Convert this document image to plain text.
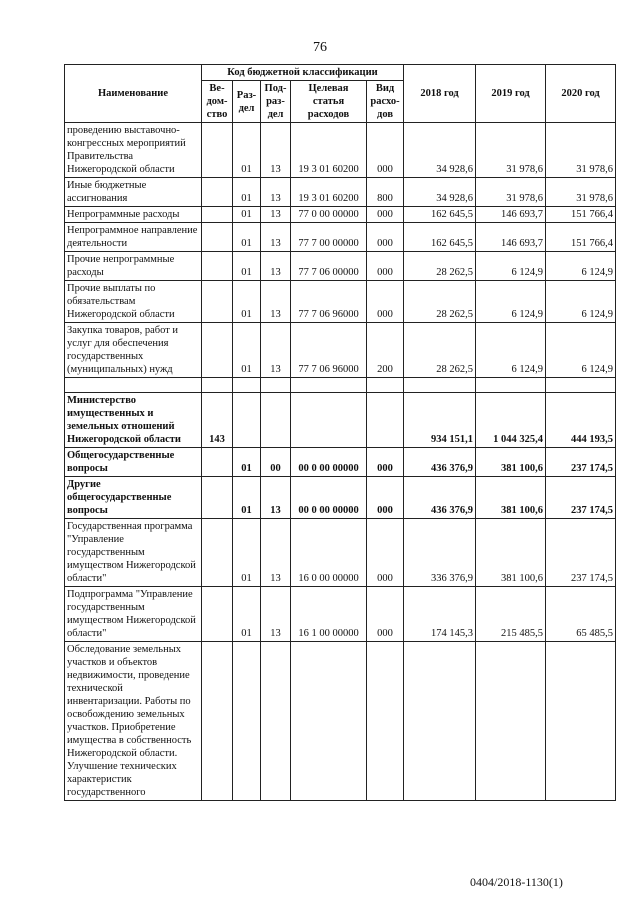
76
Наименование	Код бюджетной классификации					2018 год	2019 год	2020 год
	Ве-дом-ство	Раз-дел	Под-раз-дел	Целевая статья расходов	Вид расхо-дов			
проведению выставочно-конгрессных мероприятий Правительства Нижегородской области		01	13	19 3 01 60200	000	34 928,6	31 978,6	31 978,6
Иные бюджетные ассигнования		01	13	19 3 01 60200	800	34 928,6	31 978,6	31 978,6
Непрограммные расходы		01	13	77 0 00 00000	000	162 645,5	146 693,7	151 766,4
Непрограммное направление деятельности		01	13	77 7 00 00000	000	162 645,5	146 693,7	151 766,4
Прочие непрограммные расходы		01	13	77 7 06 00000	000	28 262,5	6 124,9	6 124,9
Прочие выплаты по обязательствам Нижегородской области		01	13	77 7 06 96000	000	28 262,5	6 124,9	6 124,9
Закупка товаров, работ и услуг для обеспечения государственных (муниципальных) нужд		01	13	77 7 06 96000	200	28 262,5	6 124,9	6 124,9

Министерство имущественных и земельных отношений Нижегородской области	143					934 151,1	1 044 325,4	444 193,5
Общегосударственные вопросы		01	00	00 0 00 00000	000	436 376,9	381 100,6	237 174,5
Другие общегосударственные вопросы		01	13	00 0 00 00000	000	436 376,9	381 100,6	237 174,5
Государственная программа "Управление государственным имуществом Нижегородской области"		01	13	16 0 00 00000	000	336 376,9	381 100,6	237 174,5
Подпрограмма "Управление государственным имуществом Нижегородской области"		01	13	16 1 00 00000	000	174 145,3	215 485,5	65 485,5
Обследование земельных участков и объектов недвижимости, проведение технической инвентаризации. Работы по освобождению земельных участков. Приобретение имущества в собственность Нижегородской области. Улучшение технических характеристик государственного								
0404/2018-1130(1)
